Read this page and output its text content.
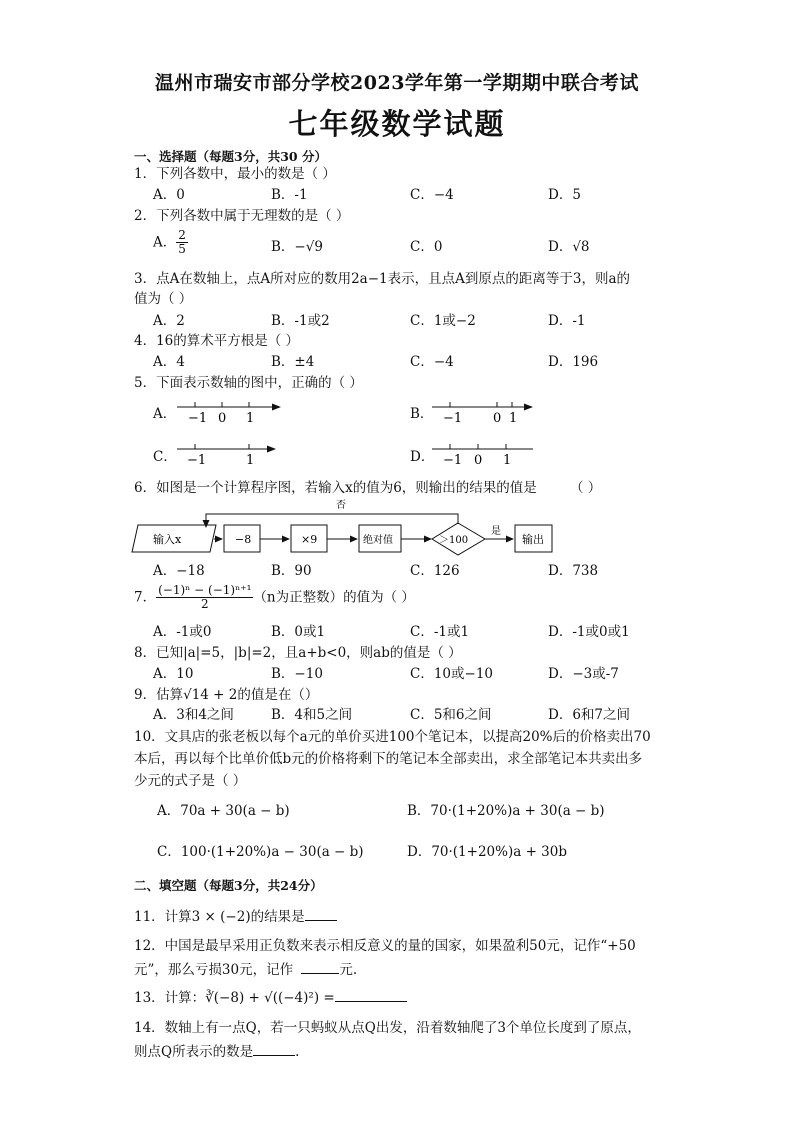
温州市瑞安市部分学校2023学年第一学期期中联合考试
七年级数学试题
一、选择题（每题3分，共30 分）
1．下列各数中，最小的数是（ ）
A．0	B．-1	C．−4	D．5
2．下列各数中属于无理数的是（ ）
A． $\frac{2}{5}$	B．−√9	C．0	D．√8
3．点A在数轴上，点A所对应的数用2a−1表示，且点A到原点的距离等于3，则a的
值为（ ）
A．2	B．-1或2	C．1或−2	D．-1
4．16的算术平方根是（ ）
A．4	B．±4	C．−4	D．196
5．下面表示数轴的图中，正确的（ ）
A． −1 0 1	B． −1 0 1
C． −1	1	D． −1 0 1
6．如图是一个计算程序图，若输入x的值为6，则输出的结果的值是 （ ）
否
输入x	−8	×9	绝对值	＞100
是
输出
A．−18	B．90	C．126	D．738
7． $\frac{\text{(−1)ⁿ − (−1)ⁿ⁺¹}}{2} (n$为正整数）的值为（ ）
A．-1或0	B．0或1	C．-1或1	D．-1或0或1
8．已知|a|=5，|b|=2，且a+b<0，则ab的值是（ ）
A．10	B．−10	C．10或−10	D．−3或-7
9．估算√14 + 2的值是在（）
A．3和4之间	B．4和5之间	C．5和6之间	D．6和7之间
10．文具店的张老板以每个a元的单价买进100个笔记本，以提高20%后的价格卖出70
本后，再以每个比单价低b元的价格将剩下的笔记本全部卖出，求全部笔记本共卖出多
少元的式子是（ ）
A．70a + 30(a − b)	B．70·(1+20%)a + 30(a − b)
C．100·(1+20%)a − 30(a − b)	D．70·(1+20%)a + 30b
二、填空题（每题3分，共24分）
11．计算3 × (−2)的结果是
12．中国是最早采用正负数来表示相反意义的量的国家，如果盈利50元，记作“+50
元”，那么亏损30元，记作	元.
13．计算：∛(−8) + √((−4)²) =
14．数轴上有一点Q，若一只蚂蚁从点Q出发，沿着数轴爬了3个单位长度到了原点，
则点Q所表示的数是	.
